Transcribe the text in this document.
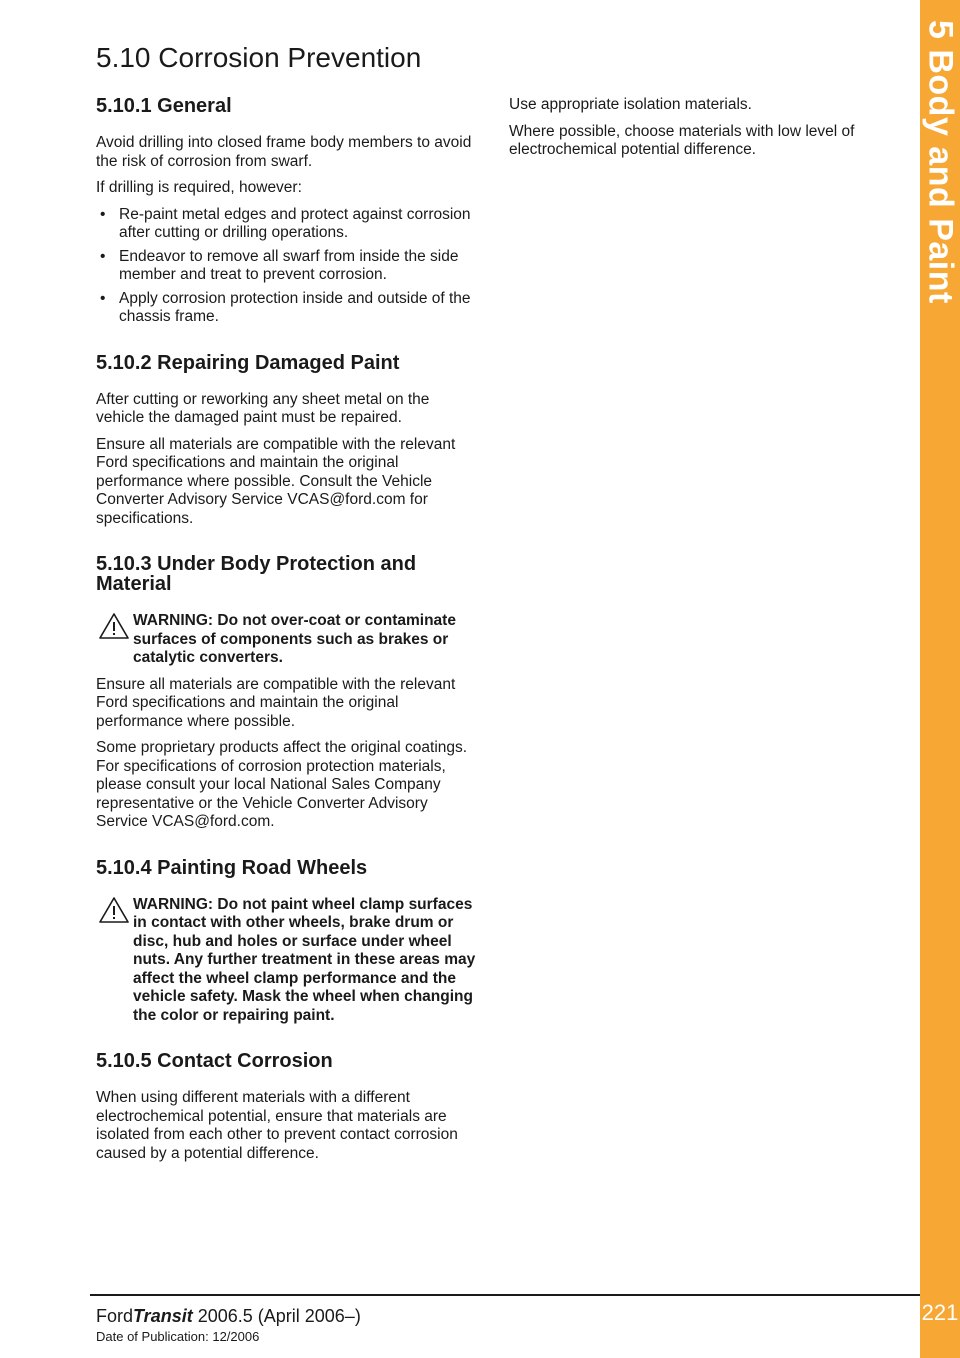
5 Body and Paint
221
5.10 Corrosion Prevention
5.10.1 General

Avoid drilling into closed frame body members to avoid the risk of corrosion from swarf.

If drilling is required, however:

• Re-paint metal edges and protect against corrosion after cutting or drilling operations.
• Endeavor to remove all swarf from inside the side member and treat to prevent corrosion.
• Apply corrosion protection inside and outside of the chassis frame.
5.10.2 Repairing Damaged Paint

After cutting or reworking any sheet metal on the vehicle the damaged paint must be repaired.

Ensure all materials are compatible with the relevant Ford specifications and maintain the original performance where possible. Consult the Vehicle Converter Advisory Service VCAS@ford.com for specifications.

5.10.3 Under Body Protection and Material
WARNING: Do not over-coat or contaminate surfaces of components such as brakes or catalytic converters.

Ensure all materials are compatible with the relevant Ford specifications and maintain the original performance where possible.

Some proprietary products affect the original coatings. For specifications of corrosion protection materials, please consult your local National Sales Company representative or the Vehicle Converter Advisory Service VCAS@ford.com.

5.10.4 Painting Road Wheels
WARNING: Do not paint wheel clamp surfaces in contact with other wheels, brake drum or disc, hub and holes or surface under wheel nuts. Any further treatment in these areas may affect the wheel clamp performance and the vehicle safety. Mask the wheel when changing the color or repairing paint.
5.10.5 Contact Corrosion

When using different materials with a different electrochemical potential, ensure that materials are isolated from each other to prevent contact corrosion caused by a potential difference.

Use appropriate isolation materials.

Where possible, choose materials with low level of electrochemical potential difference.

FordTransit 2006.5 (April 2006–)
Date of Publication: 12/2006
